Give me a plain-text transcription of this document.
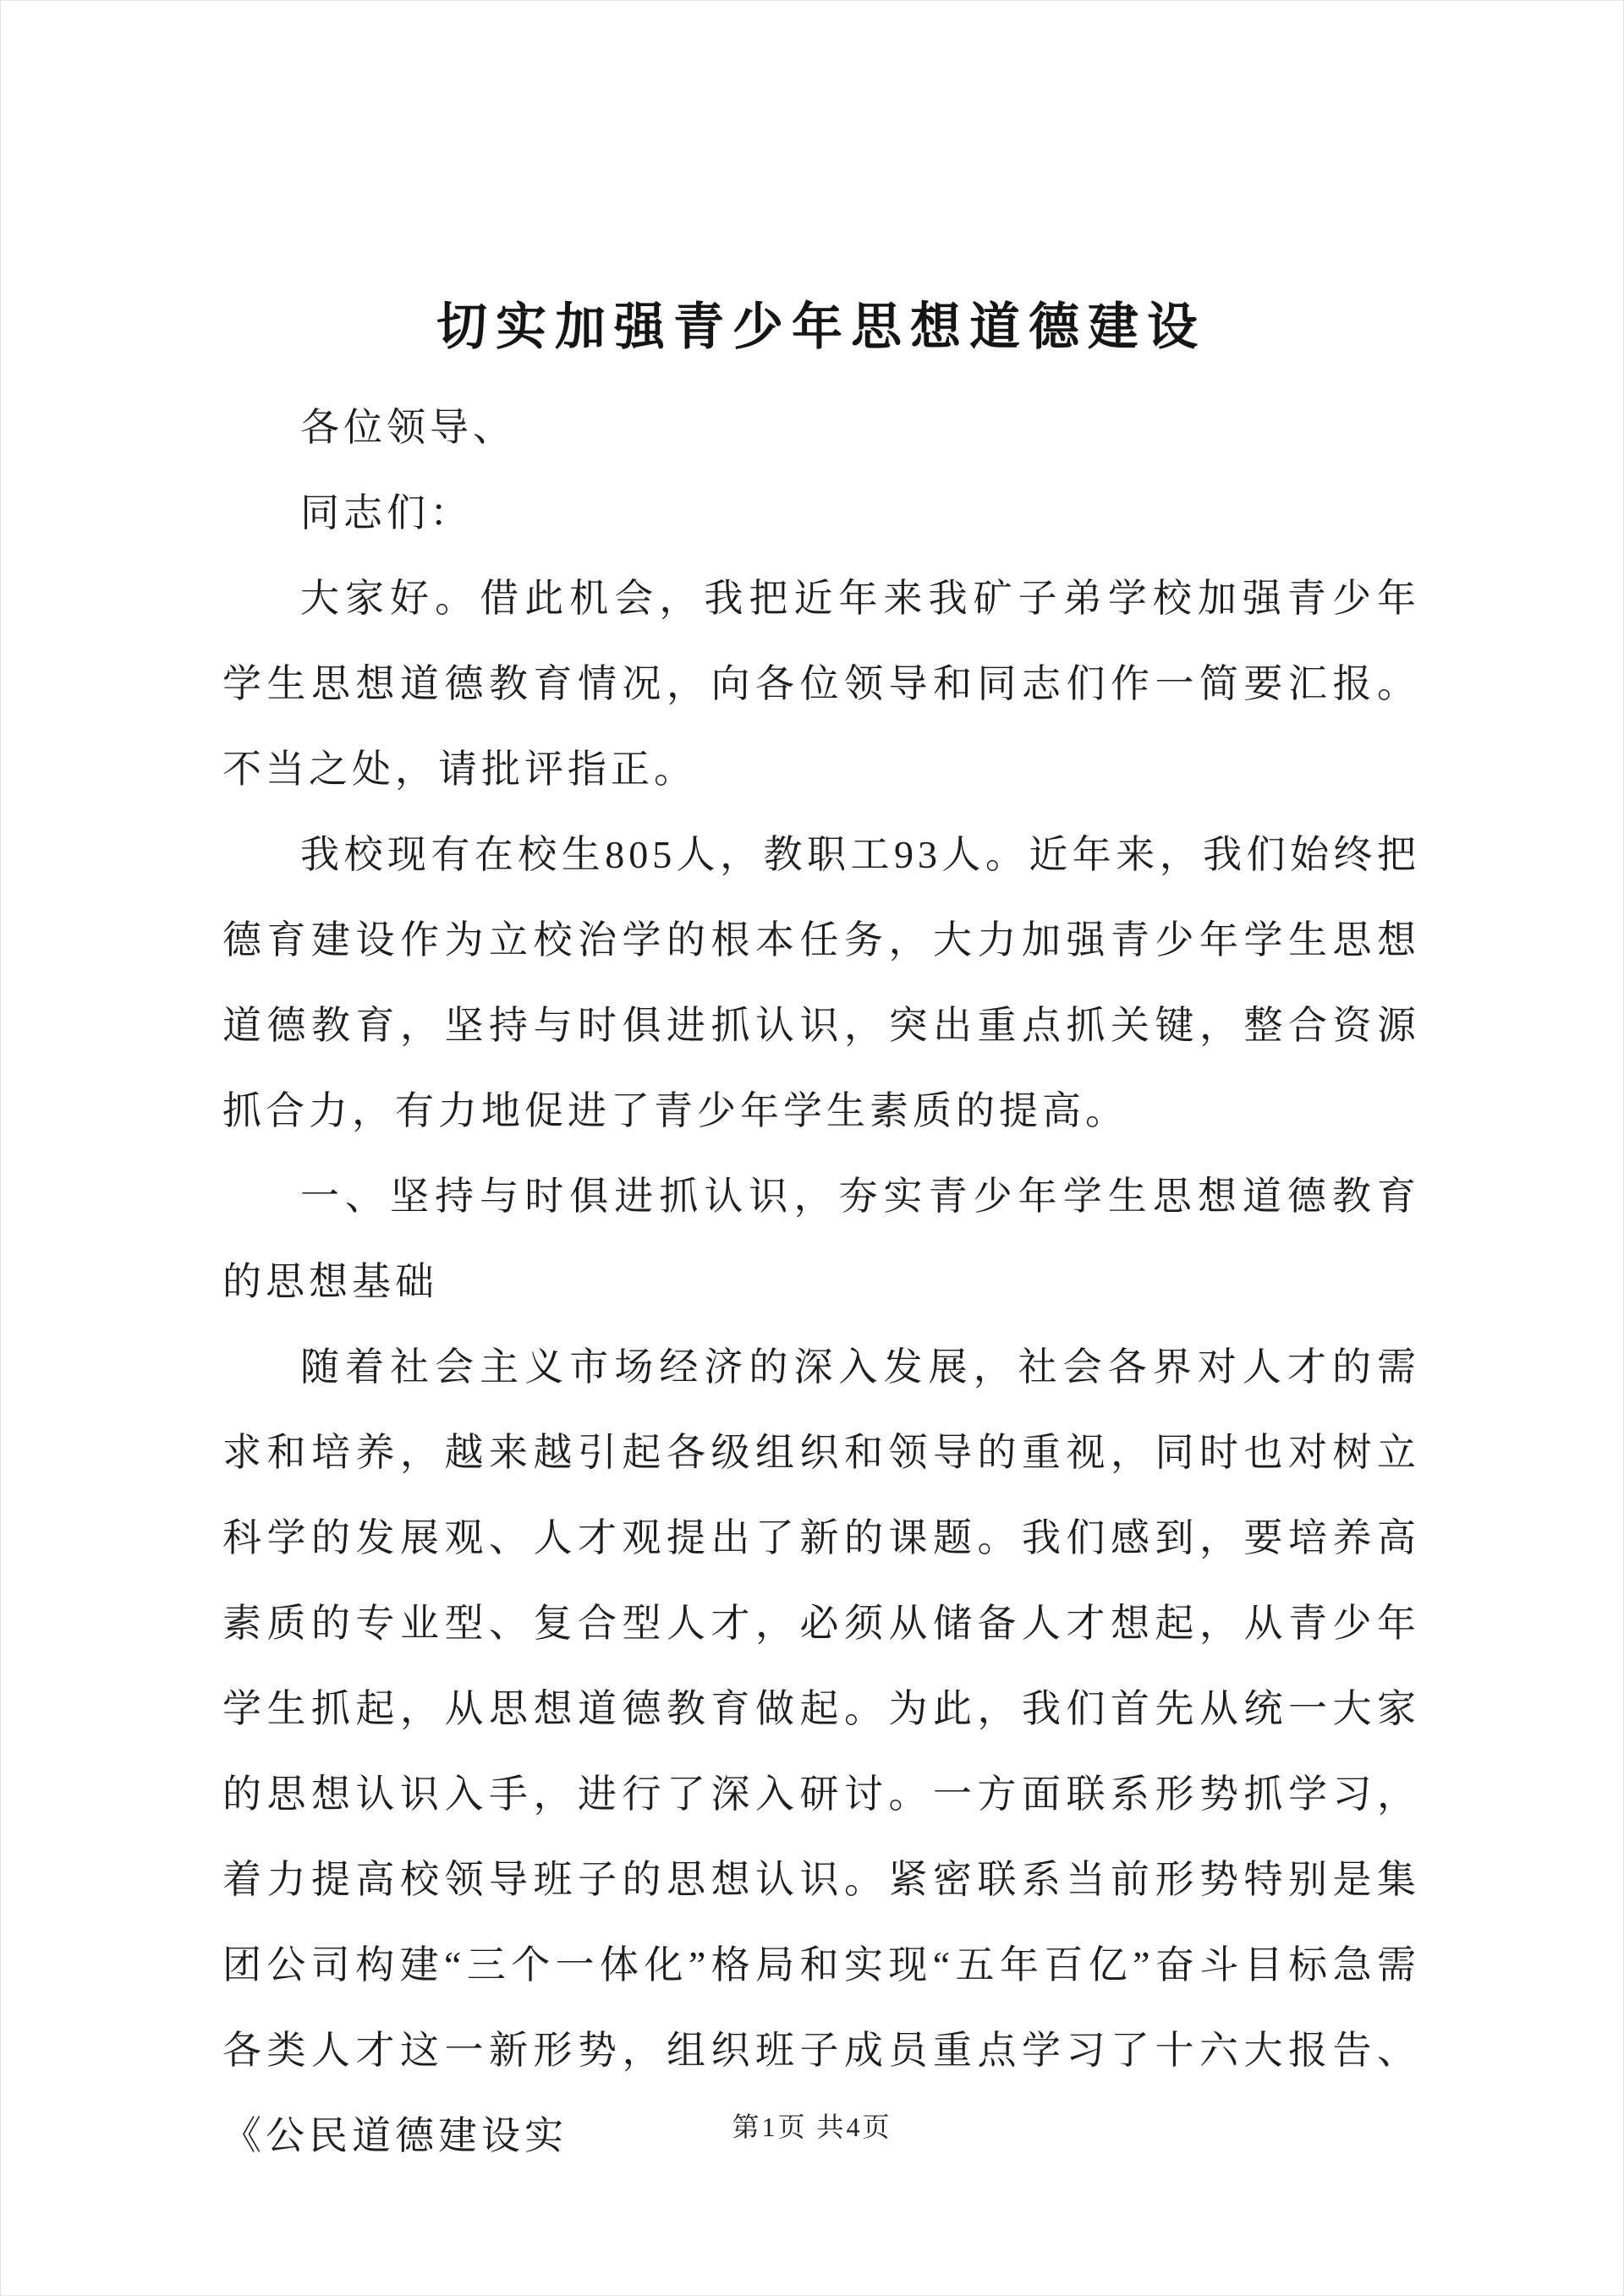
切实加强青少年思想道德建设

各位领导、

同志们：

大家好。借此机会，我把近年来我矿子弟学校加强青少年学生思想道德教育情况，向各位领导和同志们作一简要汇报。不当之处，请批评指正。

我校现有在校生805人，教职工93人。近年来，我们始终把德育建设作为立校治学的根本任务，大力加强青少年学生思想道德教育，坚持与时俱进抓认识，突出重点抓关键，整合资源抓合力，有力地促进了青少年学生素质的提高。

一、坚持与时俱进抓认识，夯实青少年学生思想道德教育的思想基础

随着社会主义市场经济的深入发展，社会各界对人才的需求和培养，越来越引起各级组织和领导的重视，同时也对树立科学的发展观、人才观提出了新的课题。我们感到，要培养高素质的专业型、复合型人才，必须从储备人才想起，从青少年学生抓起，从思想道德教育做起。为此，我们首先从统一大家的思想认识入手，进行了深入研讨。一方面联系形势抓学习，着力提高校领导班子的思想认识。紧密联系当前形势特别是集团公司构建“三个一体化”格局和实现“五年百亿”奋斗目标急需各类人才这一新形势，组织班子成员重点学习了十六大报告、《公民道德建设实	第1页 共4页
